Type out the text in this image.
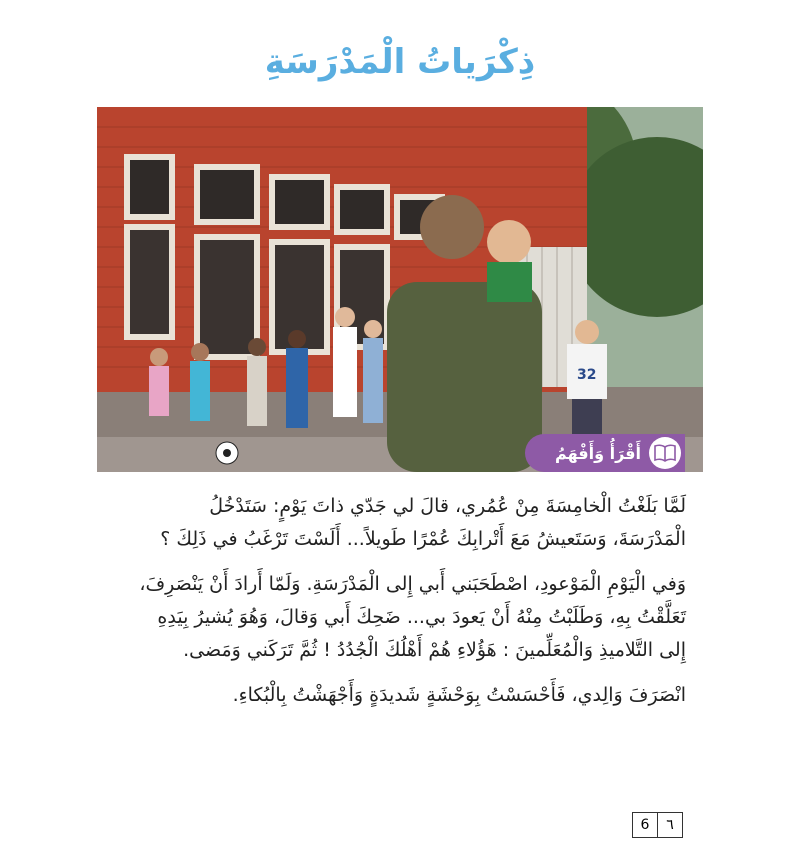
ذِكْرَياتُ الْمَدْرَسَةِ
32
أَقْرَأُ وَأَفْهَمُ

لَمَّا بَلَغْتُ الْخامِسَةَ مِنْ عُمُري، قالَ لي جَدّي ذاتَ يَوْمٍ: سَتَدْخُلُ الْمَدْرَسَةَ، وَسَتَعيشُ مَعَ أَتْرابِكَ عُمْرًا طَويلاً... أَلَسْتَ تَرْغَبُ في ذَلِكَ ؟

وَفي الْيَوْمِ الْمَوْعودِ، اصْطَحَبَني أَبي إِلى الْمَدْرَسَةِ. وَلَمّا أَرادَ أَنْ يَنْصَرِفَ، تَعَلَّقْتُ بِهِ، وَطَلَبْتُ مِنْهُ أَنْ يَعودَ بي... ضَحِكَ أَبي وَقالَ، وَهُوَ يُشيرُ بِيَدِهِ إِلى التَّلاميذِ وَالْمُعَلِّمينَ : هَؤُلاءِ هُمْ أَهْلُكَ الْجُدُدُ ! ثُمَّ تَرَكَني وَمَضى.

انْصَرَفَ وَالِدي، فَأَحْسَسْتُ بِوَحْشَةٍ شَديدَةٍ وَأَجْهَشْتُ بِالْبُكاءِ.

6	٦
